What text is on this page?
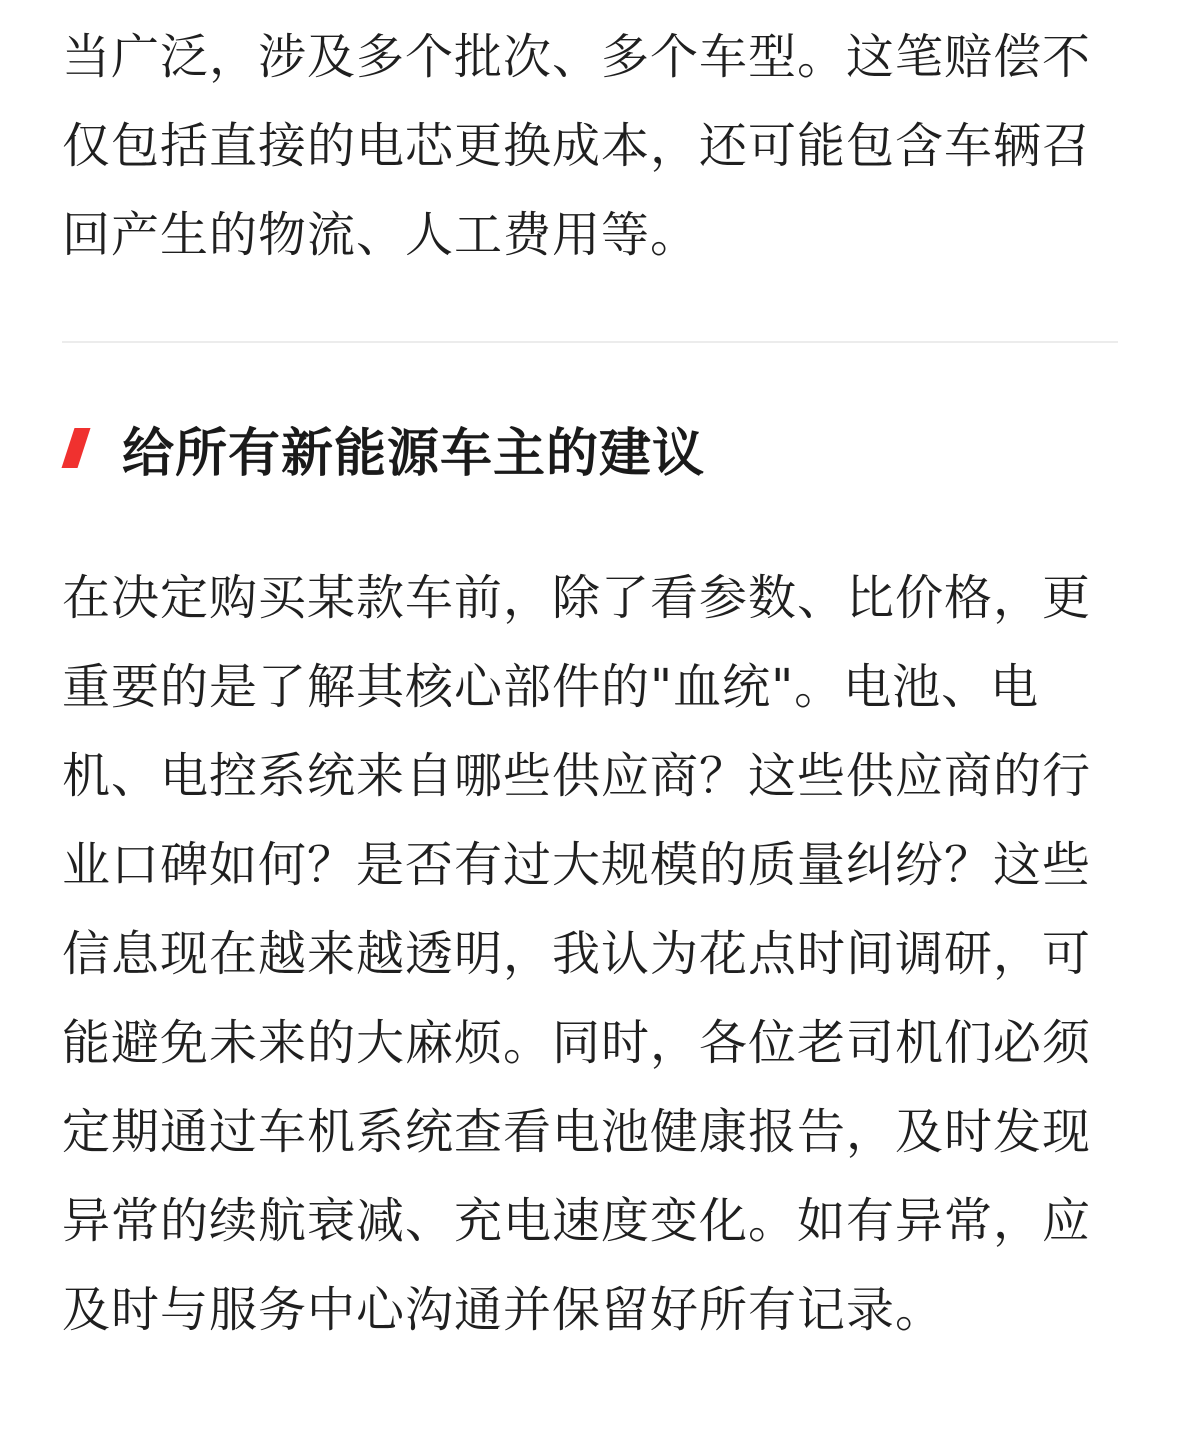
当广泛，涉及多个批次、多个车型。这笔赔偿不仅包括直接的电芯更换成本，还可能包含车辆召回产生的物流、人工费用等。

给所有新能源车主的建议

在决定购买某款车前，除了看参数、比价格，更重要的是了解其核心部件的"血统"。电池、电机、电控系统来自哪些供应商？这些供应商的行业口碑如何？是否有过大规模的质量纠纷？这些信息现在越来越透明，我认为花点时间调研，可能避免未来的大麻烦。同时，各位老司机们必须定期通过车机系统查看电池健康报告，及时发现异常的续航衰减、充电速度变化。如有异常，应及时与服务中心沟通并保留好所有记录。
